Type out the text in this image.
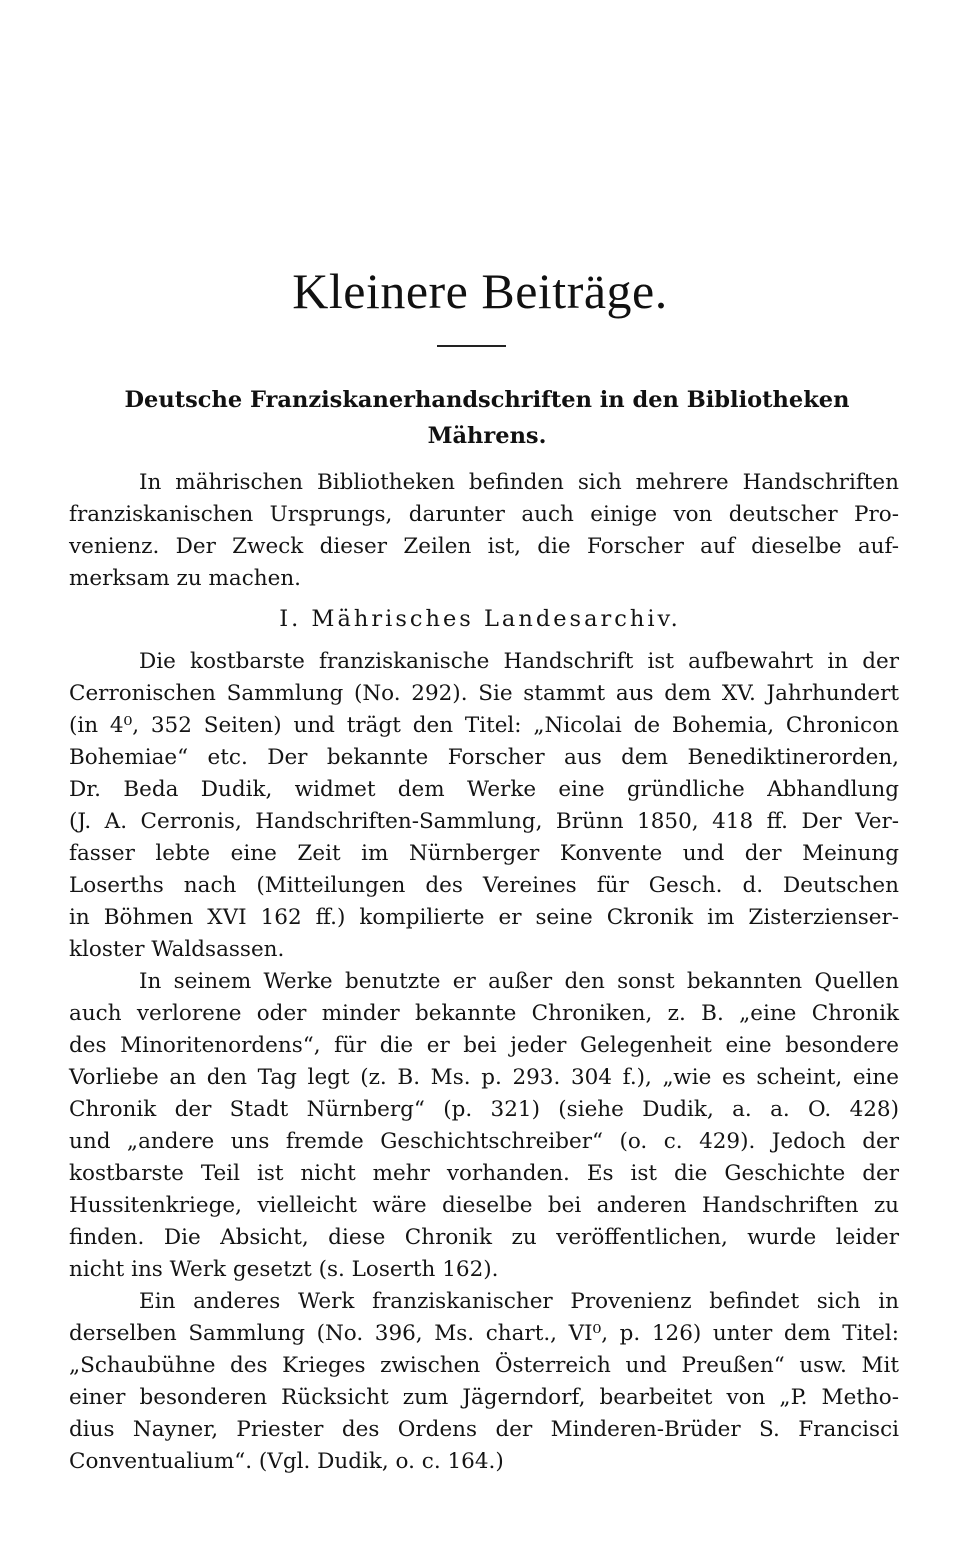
Kleinere Beiträge.
Deutsche Franziskanerhandschriften in den Bibliotheken
Mährens.
In mährischen Bibliotheken befinden sich mehrere Handschriften
franziskanischen Ursprungs, darunter auch einige von deutscher Pro-
venienz. Der Zweck dieser Zeilen ist, die Forscher auf dieselbe auf-
merksam zu machen.
I. Mährisches Landesarchiv.
Die kostbarste franziskanische Handschrift ist aufbewahrt in der
Cerronischen Sammlung (No. 292). Sie stammt aus dem XV. Jahrhundert
(in 4⁰, 352 Seiten) und trägt den Titel: „Nicolai de Bohemia, Chronicon
Bohemiae“ etc. Der bekannte Forscher aus dem Benediktinerorden,
Dr. Beda Dudik, widmet dem Werke eine gründliche Abhandlung
(J. A. Cerronis, Handschriften-Sammlung, Brünn 1850, 418 ff. Der Ver-
fasser lebte eine Zeit im Nürnberger Konvente und der Meinung
Loserths nach (Mitteilungen des Vereines für Gesch. d. Deutschen
in Böhmen XVI 162 ff.) kompilierte er seine Ckronik im Zisterzienser-
kloster Waldsassen.
In seinem Werke benutzte er außer den sonst bekannten Quellen
auch verlorene oder minder bekannte Chroniken, z. B. „eine Chronik
des Minoritenordens“, für die er bei jeder Gelegenheit eine besondere
Vorliebe an den Tag legt (z. B. Ms. p. 293. 304 f.), „wie es scheint, eine
Chronik der Stadt Nürnberg“ (p. 321) (siehe Dudik, a. a. O. 428)
und „andere uns fremde Geschichtschreiber“ (o. c. 429). Jedoch der
kostbarste Teil ist nicht mehr vorhanden. Es ist die Geschichte der
Hussitenkriege, vielleicht wäre dieselbe bei anderen Handschriften zu
finden. Die Absicht, diese Chronik zu veröffentlichen, wurde leider
nicht ins Werk gesetzt (s. Loserth 162).
Ein anderes Werk franziskanischer Provenienz befindet sich in
derselben Sammlung (No. 396, Ms. chart., VI⁰, p. 126) unter dem Titel:
„Schaubühne des Krieges zwischen Österreich und Preußen“ usw. Mit
einer besonderen Rücksicht zum Jägerndorf, bearbeitet von „P. Metho-
dius Nayner, Priester des Ordens der Minderen-Brüder S. Francisci
Conventualium“. (Vgl. Dudik, o. c. 164.)
